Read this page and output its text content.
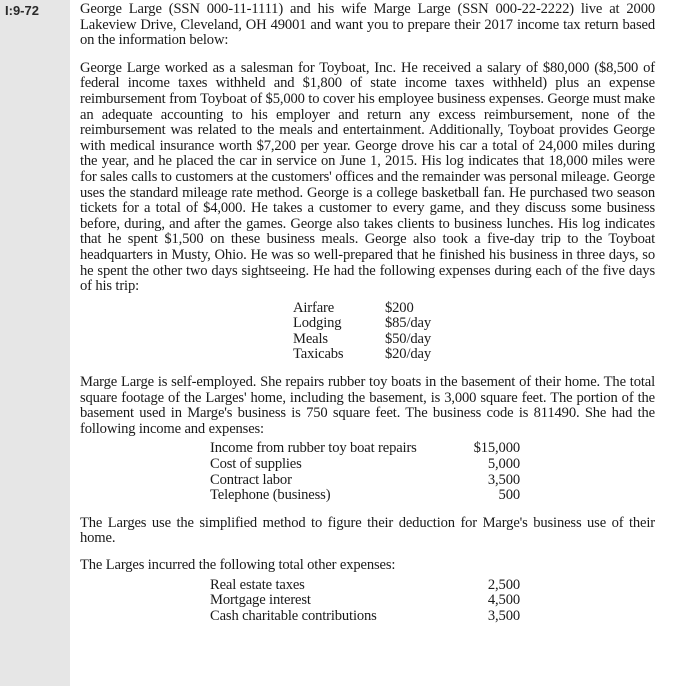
I:9-72	George Large (SSN 000-11-1111) and his wife Marge Large (SSN 000-22-2222) live at 2000 Lakeview Drive, Cleveland, OH 49001 and want you to prepare their 2017 income tax return based on the information below:

George Large worked as a salesman for Toyboat, Inc. He received a salary of $80,000 ($8,500 of federal income taxes withheld and $1,800 of state income taxes withheld) plus an expense reimbursement from Toyboat of $5,000 to cover his employee business expenses. George must make an adequate accounting to his employer and return any excess reimbursement, none of the reimbursement was related to the meals and entertainment. Additionally, Toyboat provides George with medical insurance worth $7,200 per year. George drove his car a total of 24,000 miles during the year, and he placed the car in service on June 1, 2015. His log indicates that 18,000 miles were for sales calls to customers at the customers' offices and the remainder was personal mileage. George uses the standard mileage rate method. George is a college basketball fan. He purchased two season tickets for a total of $4,000. He takes a customer to every game, and they discuss some business before, during, and after the games. George also takes clients to business lunches. His log indicates that he spent $1,500 on these business meals. George also took a five-day trip to the Toyboat headquarters in Musty, Ohio. He was so well-prepared that he finished his business in three days, so he spent the other two days sightseeing. He had the following expenses during each of the five days of his trip:

Airfare	$200
Lodging	$85/day
Meals	$50/day
Taxicabs	$20/day

Marge Large is self-employed. She repairs rubber toy boats in the basement of their home. The total square footage of the Larges' home, including the basement, is 3,000 square feet. The portion of the basement used in Marge's business is 750 square feet. The business code is 811490. She had the following income and expenses:

Income from rubber toy boat repairs	$15,000
Cost of supplies	5,000
Contract labor	3,500
Telephone (business)	500

The Larges use the simplified method to figure their deduction for Marge's business use of their home.

The Larges incurred the following total other expenses:

Real estate taxes	2,500
Mortgage interest	4,500
Cash charitable contributions	3,500
